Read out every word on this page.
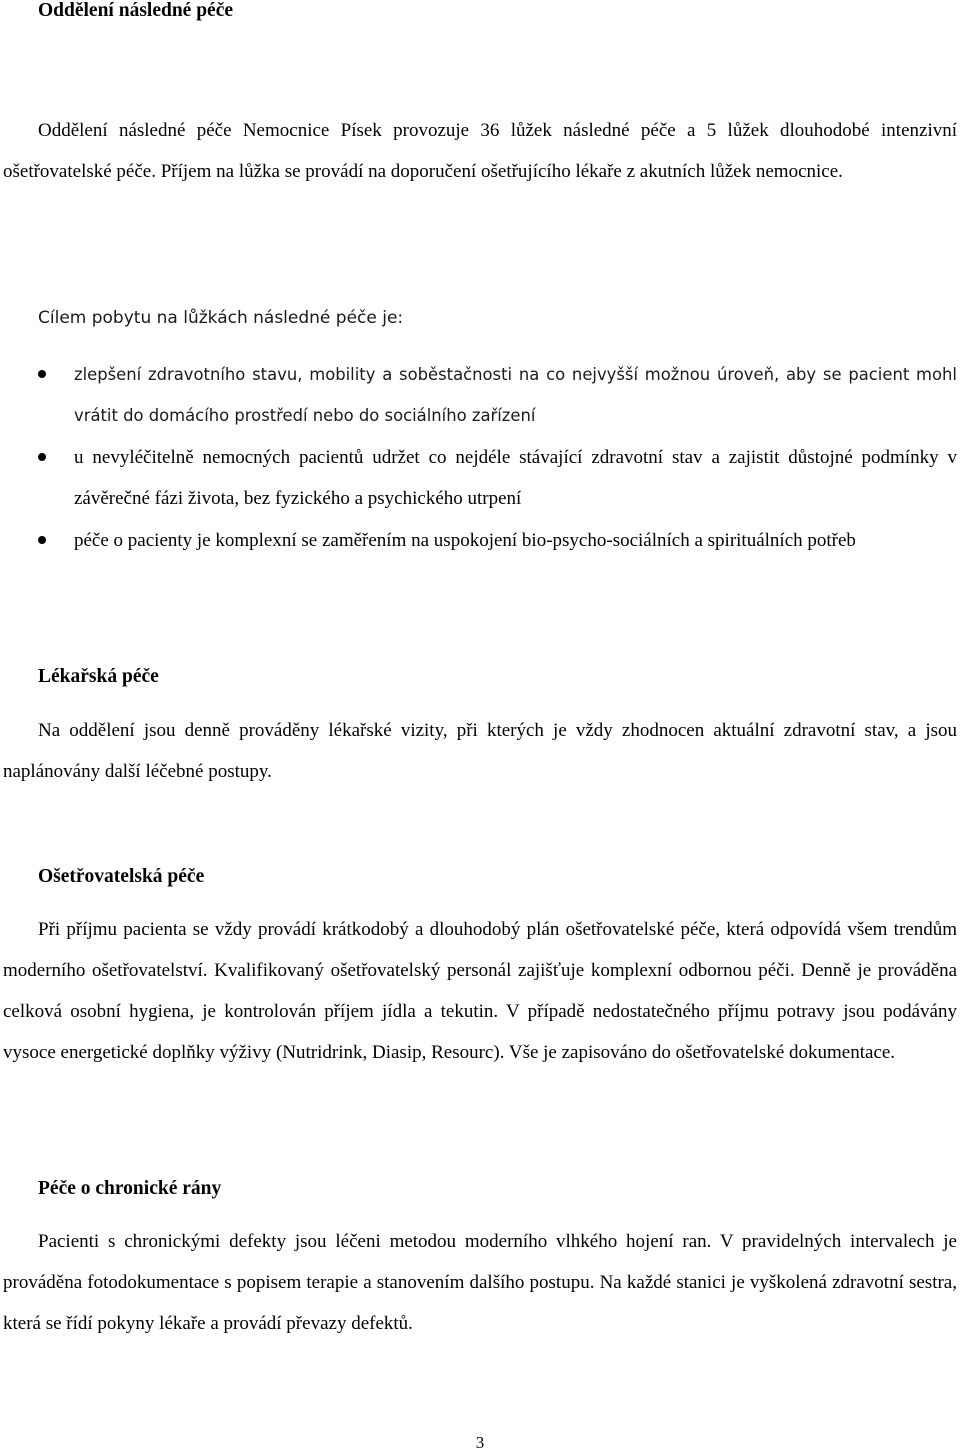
Oddělení následné péče

Oddělení následné péče Nemocnice Písek provozuje 36 lůžek následné péče a 5 lůžek dlouhodobé intenzivní ošetřovatelské péče. Příjem na lůžka se provádí na doporučení ošetřujícího lékaře z akutních lůžek nemocnice.

Cílem pobytu na lůžkách následné péče je:
zlepšení zdravotního stavu, mobility a soběstačnosti na co nejvyšší možnou úroveň, aby se pacient mohl vrátit do domácího prostředí nebo do sociálního zařízení
u nevyléčitelně nemocných pacientů udržet co nejdéle stávající zdravotní stav a zajistit důstojné podmínky v závěrečné fázi života, bez fyzického a psychického utrpení
péče o pacienty je komplexní se zaměřením na uspokojení bio-psycho-sociálních a spirituálních potřeb
Lékařská péče

Na oddělení jsou denně prováděny lékařské vizity, při kterých je vždy zhodnocen aktuální zdravotní stav, a jsou naplánovány další léčebné postupy.

Ošetřovatelská péče

Při příjmu pacienta se vždy provádí krátkodobý a dlouhodobý plán ošetřovatelské péče, která odpovídá všem trendům moderního ošetřovatelství. Kvalifikovaný ošetřovatelský personál zajišťuje komplexní odbornou péči. Denně je prováděna celková osobní hygiena, je kontrolován příjem jídla a tekutin. V případě nedostatečného příjmu potravy jsou podávány vysoce energetické doplňky výživy (Nutridrink, Diasip, Resourc). Vše je zapisováno do ošetřovatelské dokumentace.

Péče o chronické rány

Pacienti s chronickými defekty jsou léčeni metodou moderního vlhkého hojení ran. V pravidelných intervalech je prováděna fotodokumentace s popisem terapie a stanovením dalšího postupu. Na každé stanici je vyškolená zdravotní sestra, která se řídí pokyny lékaře a provádí převazy defektů.

3
